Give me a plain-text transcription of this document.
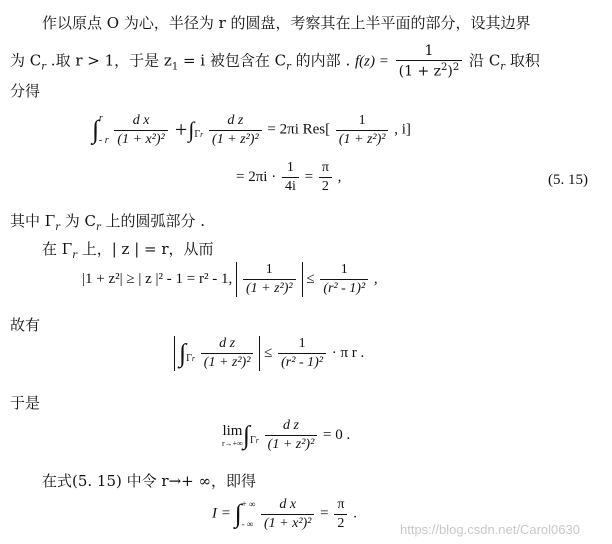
作以原点 O 为心，半径为 r 的圆盘，考察其在上半平面的部分，设其边界
为 $C_r$ .取 r > 1，于是 $z_1 = i$ 被包含在 $C_r$ 的内部 . $f(z) = \frac{1}{(1 + z^2)^2}$ 沿 $C_r$ 取积
分得
∫ r
- r
$\frac{\text{d x}}{\text{(1 + x²)²}} +\int_{\Gamma r} \frac{\text{d z}}{\text{(1 + z²)²}} = 2\pi i$ $Res[ \frac{1}{\text{(1 + z²)²}}$ , i]
= $2\pi i \cdot \frac{1}{4i} = \frac{\pi}{2}$ ,	(5. 15)
其中 $\Gamma_r$ 为 $C_r$ 上的圆弧部分 .
在 $\Gamma_r$ 上，| z | = r，从而
|1 + z²| ≥ | z |² - 1 = r² - 1, $\frac{1}{\text{(1 + z²)²}} \le \frac{1}{\text{(r² - 1)²}}$ ,
故有
$\int_{\Gamma r} \frac{\text{d z}}{\text{(1 + z²)²}} \le \frac{1}{\text{(r² - 1)²}} \cdot \pi$ r .
于是
lim
r→+∞ $\int_{\Gamma r} \frac{\text{d z}}{\text{(1 + z²)²}} = 0$ .
在式(5. 15) 中令 r→+ ∞，即得
I = ∫ + ∞
- ∞
$\frac{\text{d x}}{\text{(1 + x²)²}} = \frac{\pi}{2}$ .
https://blog.csdn.net/Carol0630
